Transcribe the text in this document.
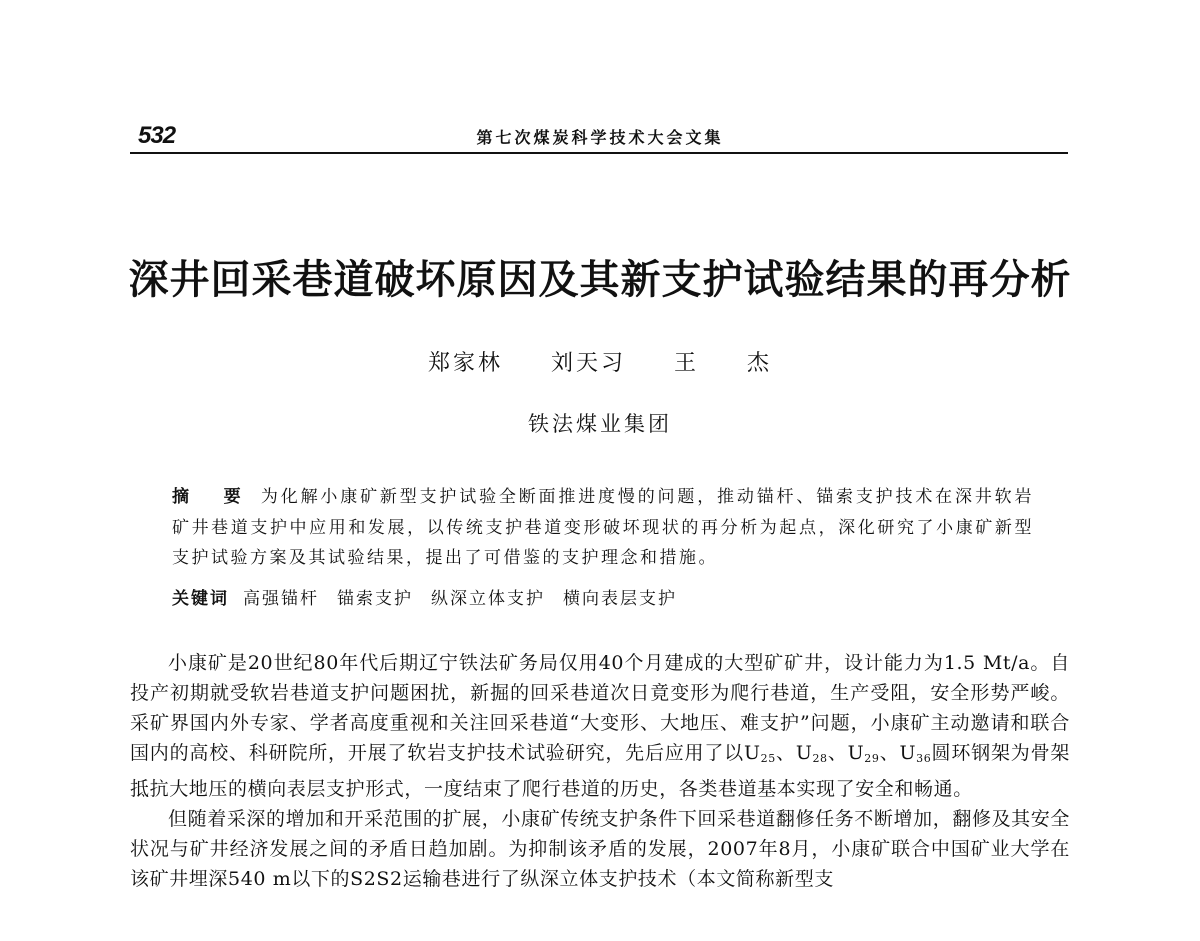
532	第七次煤炭科学技术大会文集
深井回采巷道破坏原因及其新支护试验结果的再分析
郑家林  刘天习  王  杰
铁法煤业集团
摘 要 为化解小康矿新型支护试验全断面推进度慢的问题，推动锚杆、锚索支护技术在深井软岩矿井巷道支护中应用和发展，以传统支护巷道变形破坏现状的再分析为起点，深化研究了小康矿新型支护试验方案及其试验结果，提出了可借鉴的支护理念和措施。
关键词 高强锚杆 锚索支护 纵深立体支护 横向表层支护

小康矿是20世纪80年代后期辽宁铁法矿务局仅用40个月建成的大型矿矿井，设计能力为1.5 Mt/a。自投产初期就受软岩巷道支护问题困扰，新掘的回采巷道次日竟变形为爬行巷道，生产受阻，安全形势严峻。采矿界国内外专家、学者高度重视和关注回采巷道“大变形、大地压、难支护”问题，小康矿主动邀请和联合国内的高校、科研院所，开展了软岩支护技术试验研究，先后应用了以$U_{25}$、$U_{28}$、$U_{29}$、$U_{36}$圆环钢架为骨架抵抗大地压的横向表层支护形式，一度结束了爬行巷道的历史，各类巷道基本实现了安全和畅通。

但随着采深的增加和开采范围的扩展，小康矿传统支护条件下回采巷道翻修任务不断增加，翻修及其安全状况与矿井经济发展之间的矛盾日趋加剧。为抑制该矛盾的发展，2007年8月，小康矿联合中国矿业大学在该矿井埋深540 m以下的S2S2运输巷进行了纵深立体支护技术（本文简称新型支
